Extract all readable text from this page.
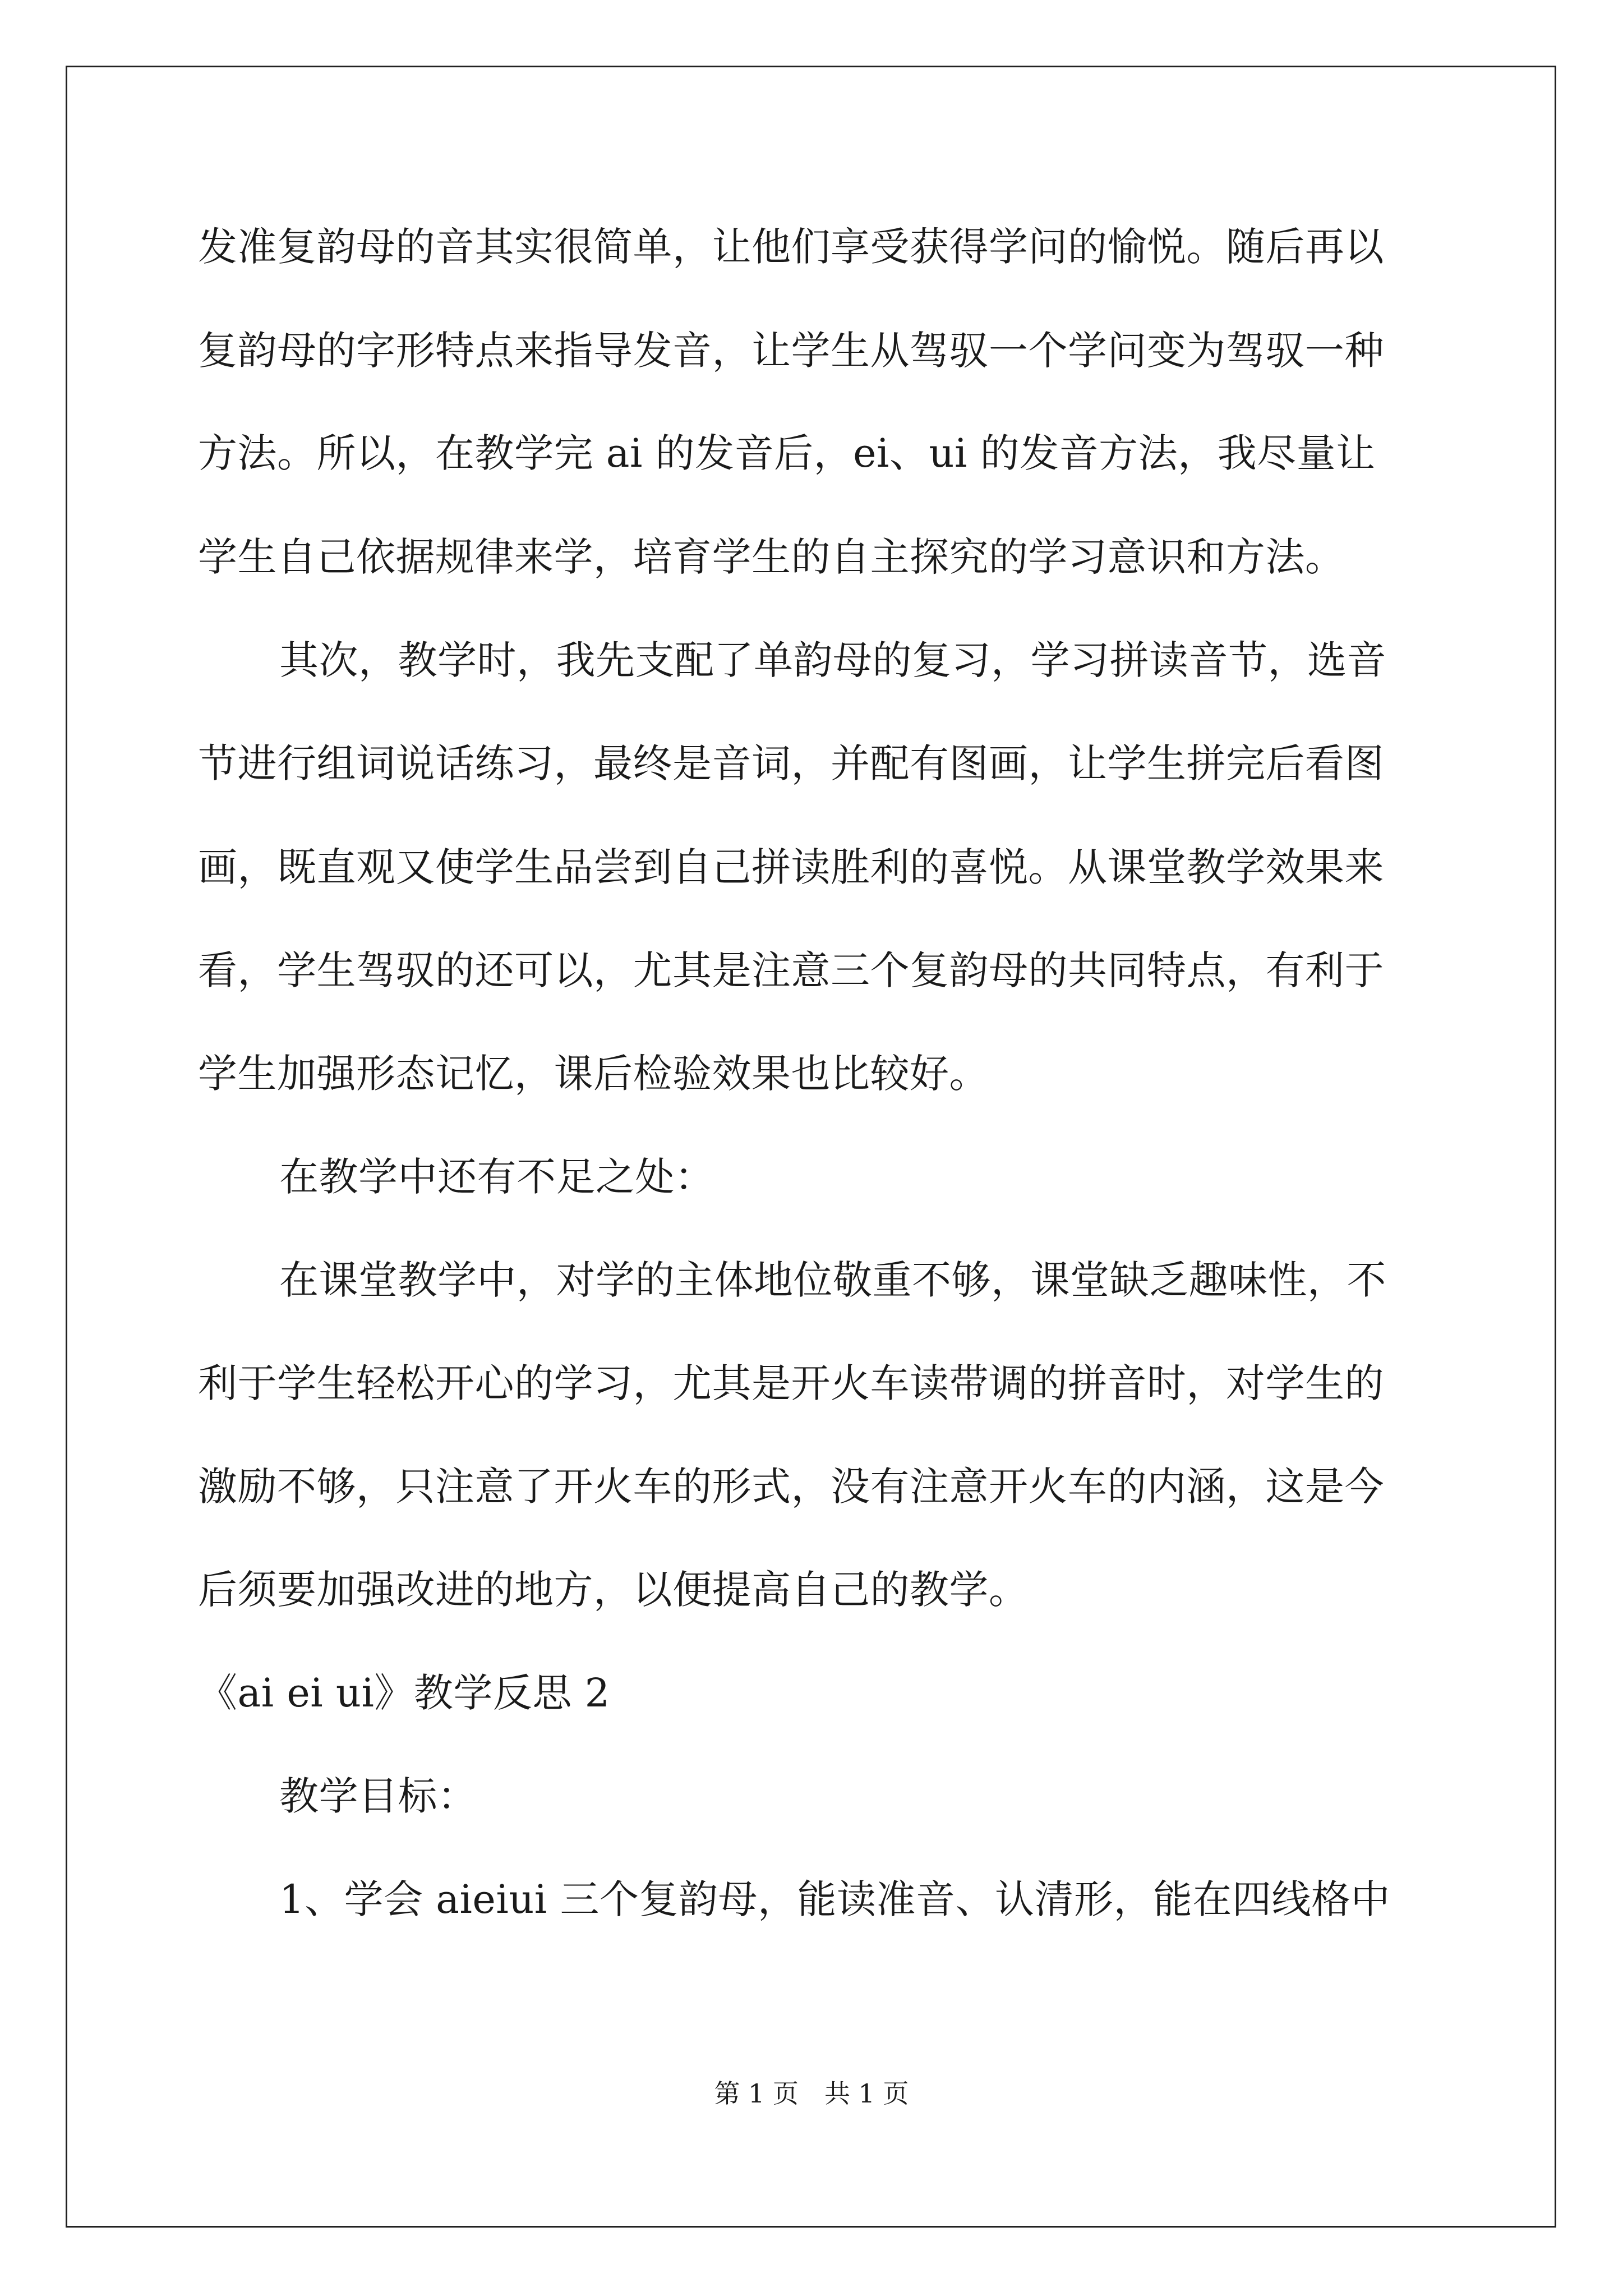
发准复韵母的音其实很简单，让他们享受获得学问的愉悦。随后再以
复韵母的字形特点来指导发音，让学生从驾驭一个学问变为驾驭一种
方法。所以，在教学完 ai 的发音后，ei、ui 的发音方法，我尽量让
学生自己依据规律来学，培育学生的自主探究的学习意识和方法。
其次，教学时，我先支配了单韵母的复习，学习拼读音节，选音
节进行组词说话练习，最终是音词，并配有图画，让学生拼完后看图
画，既直观又使学生品尝到自己拼读胜利的喜悦。从课堂教学效果来
看，学生驾驭的还可以，尤其是注意三个复韵母的共同特点，有利于
学生加强形态记忆，课后检验效果也比较好。
在教学中还有不足之处：
在课堂教学中，对学的主体地位敬重不够，课堂缺乏趣味性，不
利于学生轻松开心的学习，尤其是开火车读带调的拼音时，对学生的
激励不够，只注意了开火车的形式，没有注意开火车的内涵，这是今
后须要加强改进的地方，以便提高自己的教学。
《ai ei ui》教学反思 2
教学目标：
1、学会 aieiui 三个复韵母，能读准音、认清形，能在四线格中
第 1 页　共 1 页
